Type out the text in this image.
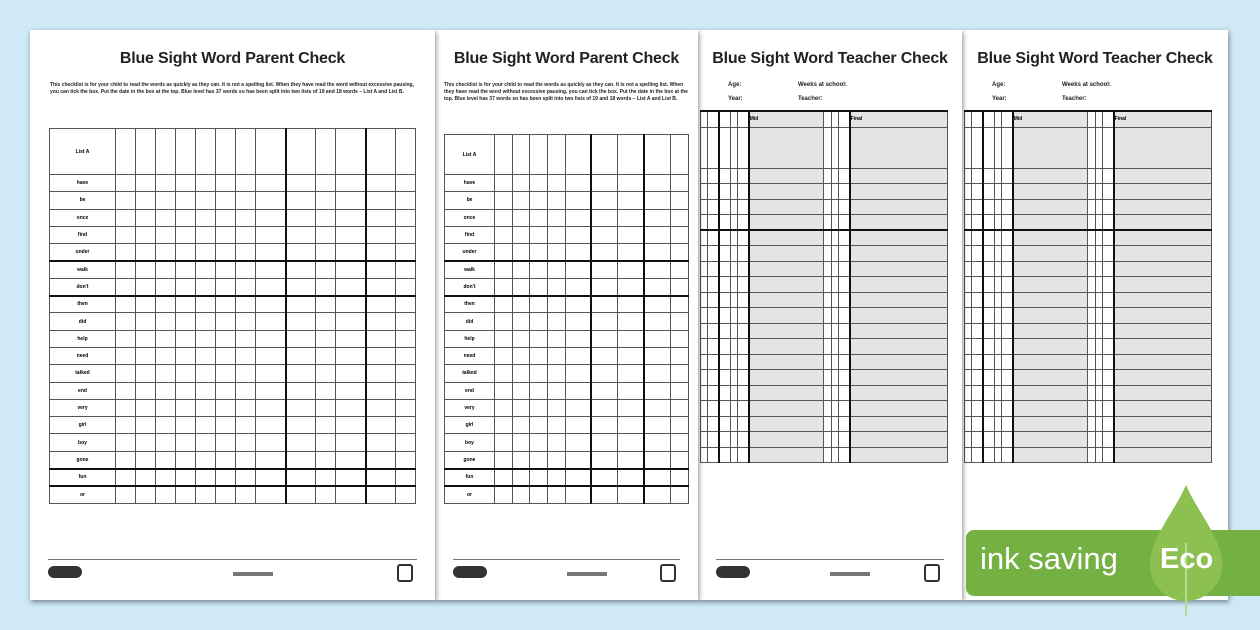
Blue Sight Word Parent Check
This checklist is for your child to read the words as quickly as they can. It is not a spelling list. When they have read the word without excessive pausing, you can tick the box. Put the date in the box at the top. Blue level has 37 words so has been split into two lists of 19 and 18 words – List A and List B.
List A													
have													
be													
once													
find													
under													
walk													
don't													
then													
did													
help													
need													
talked													
end													
very													
girl													
boy													
gone													
fun													
or													
Blue Sight Word Parent Check
This checklist is for your child to read the words as quickly as they can. It is not a spelling list. When they have read the word without excessive pausing, you can tick the box. Put the date in the box at the top. Blue level has 37 words so has been split into two lists of 19 and 18 words – List A and List B.
List A									
have									
be									
once									
find									
under									
walk									
don't									
then									
did									
help									
need									
talked									
end									
very									
girl									
boy									
gone									
fun									
or									
Blue Sight Word Teacher Check
Age:	Weeks at school:
Year:	Teacher:
					Mid				Final

Blue Sight Word Teacher Check
Age:	Weeks at school:
Year:	Teacher:
					Mid				Final

ink saving Eco
